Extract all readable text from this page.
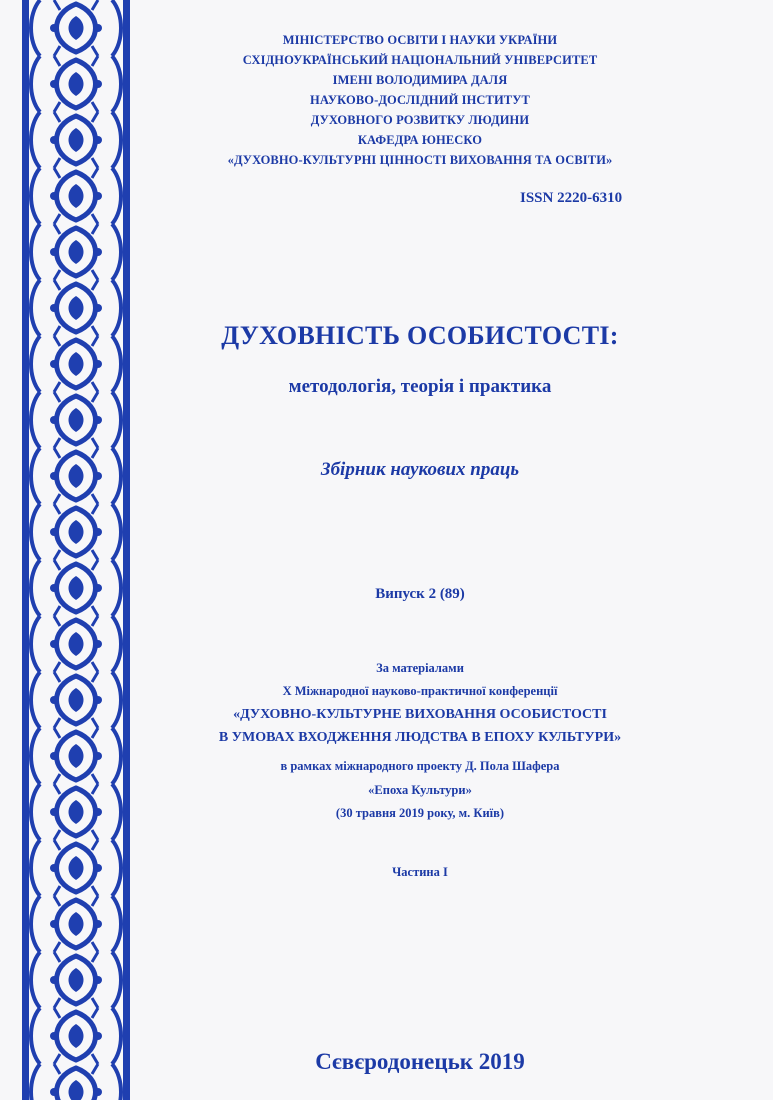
МІНІСТЕРСТВО ОСВІТИ І НАУКИ УКРАЇНИ
СХІДНОУКРАЇНСЬКИЙ НАЦІОНАЛЬНИЙ УНІВЕРСИТЕТ
ІМЕНІ ВОЛОДИМИРА ДАЛЯ
НАУКОВО-ДОСЛІДНИЙ ІНСТИТУТ
ДУХОВНОГО РОЗВИТКУ ЛЮДИНИ
КАФЕДРА ЮНЕСКО
«ДУХОВНО-КУЛЬТУРНІ ЦІННОСТІ ВИХОВАННЯ ТА ОСВІТИ»
ISSN 2220-6310
ДУХОВНІСТЬ ОСОБИСТОСТІ:
методологія, теорія і практика
Збірник наукових праць
Випуск 2 (89)
За матеріалами
Х Міжнародної науково-практичної конференції
«ДУХОВНО-КУЛЬТУРНЕ ВИХОВАННЯ ОСОБИСТОСТІ
В УМОВАХ ВХОДЖЕННЯ ЛЮДСТВА В ЕПОХУ КУЛЬТУРИ»
в рамках міжнародного проекту Д. Пола Шафера
«Епоха Культури»
(30 травня 2019 року, м. Київ)
Частина І
Сєвєродонецьк 2019
